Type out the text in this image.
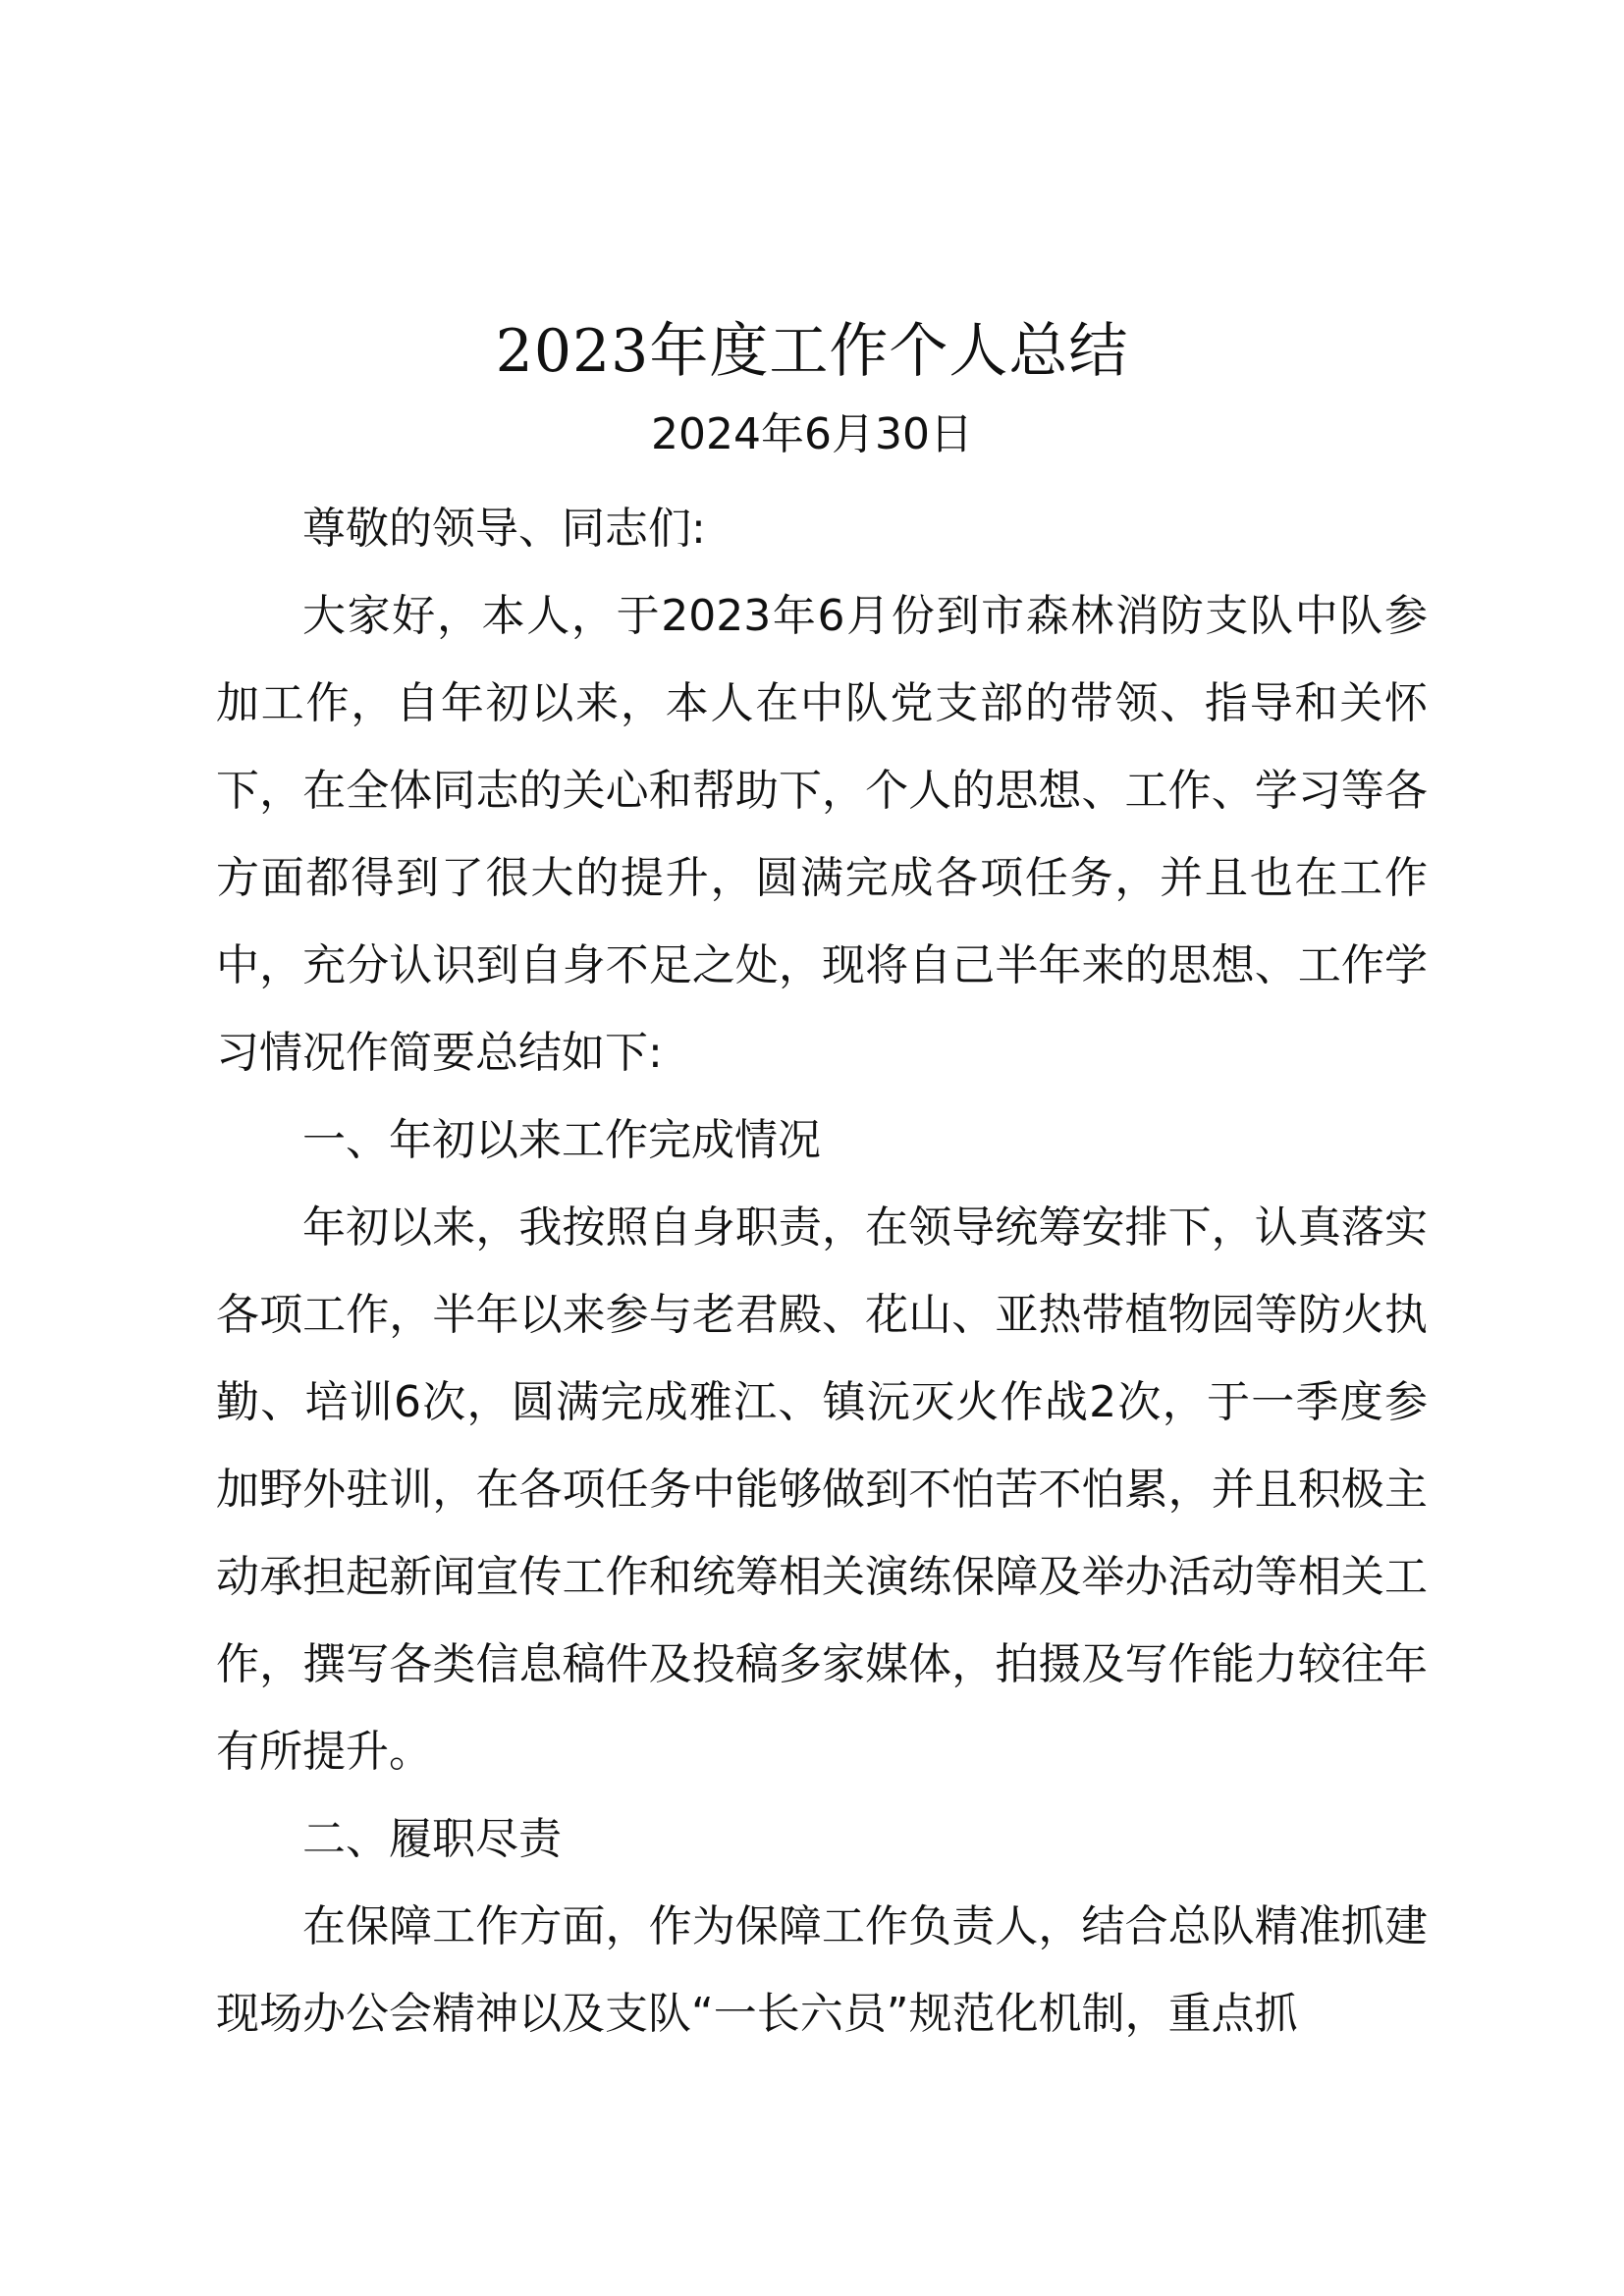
2023年度工作个人总结
2024年6月30日

尊敬的领导、同志们:

大家好，本人，于2023年6月份到市森林消防支队中队参加工作，自年初以来，本人在中队党支部的带领、指导和关怀下，在全体同志的关心和帮助下，个人的思想、工作、学习等各方面都得到了很大的提升，圆满完成各项任务，并且也在工作中，充分认识到自身不足之处，现将自己半年来的思想、工作学习情况作简要总结如下:

一、年初以来工作完成情况

年初以来，我按照自身职责，在领导统筹安排下，认真落实各项工作，半年以来参与老君殿、花山、亚热带植物园等防火执勤、培训6次，圆满完成雅江、镇沅灭火作战2次，于一季度参加野外驻训，在各项任务中能够做到不怕苦不怕累，并且积极主动承担起新闻宣传工作和统筹相关演练保障及举办活动等相关工作，撰写各类信息稿件及投稿多家媒体，拍摄及写作能力较往年有所提升。

二、履职尽责

在保障工作方面，作为保障工作负责人，结合总队精准抓建现场办公会精神以及支队“一长六员”规范化机制，重点抓
